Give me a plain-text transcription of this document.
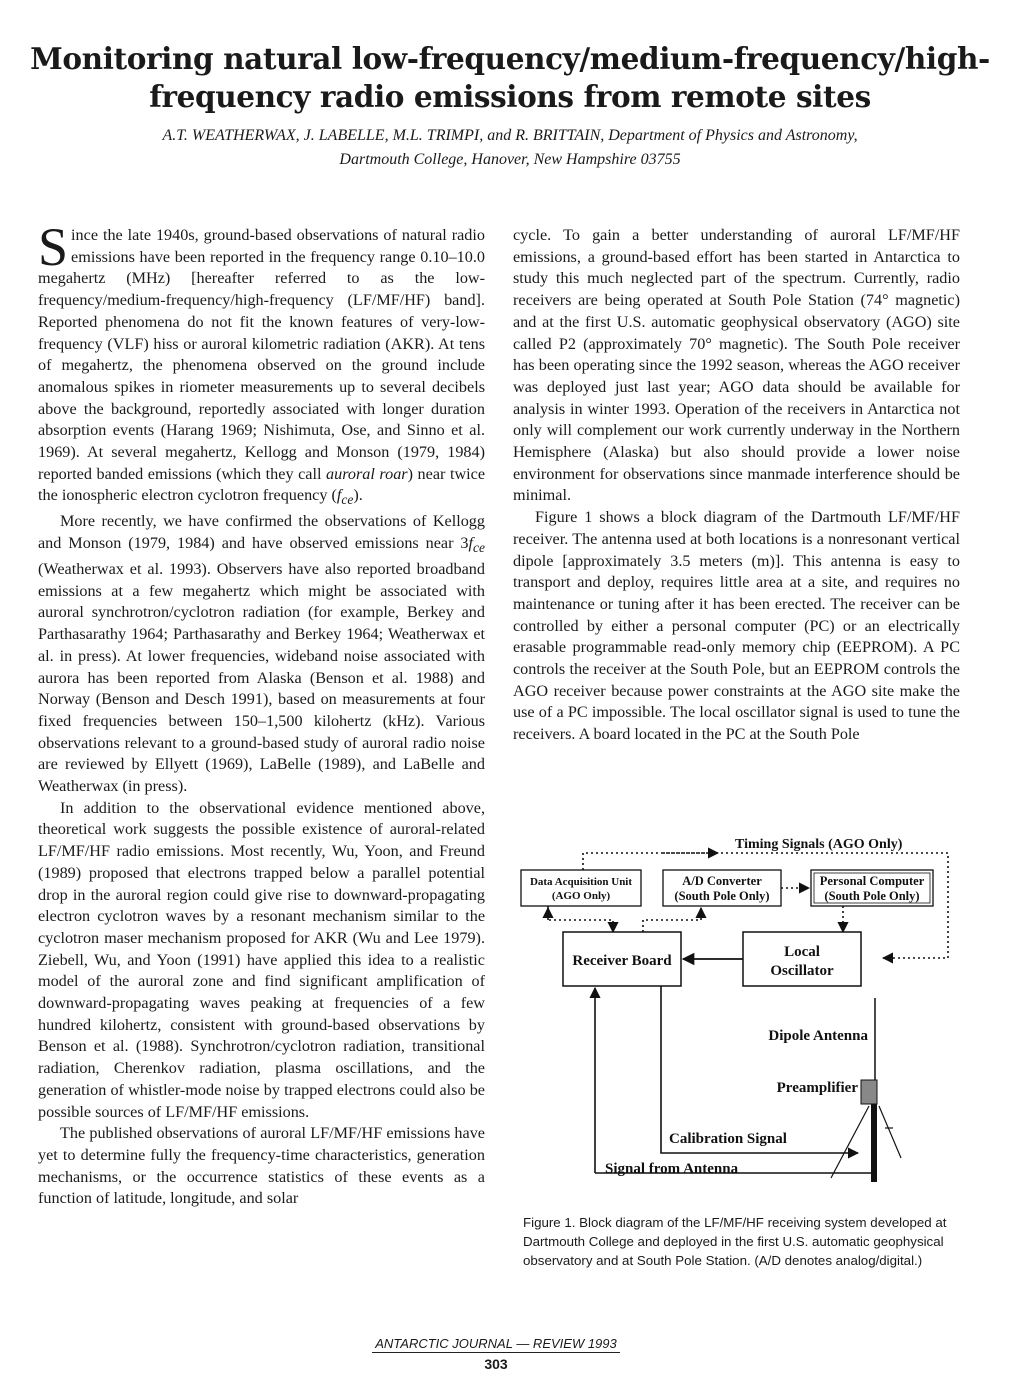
Monitoring natural low-frequency/medium-frequency/high-
frequency radio emissions from remote sites
A.T. WEATHERWAX, J. LABELLE, M.L. TRIMPI, and R. BRITTAIN, Department of Physics and Astronomy,
Dartmouth College, Hanover, New Hampshire 03755

Since the late 1940s, ground-based observations of natural radio emissions have been reported in the frequency range 0.10–10.0 megahertz (MHz) [hereafter referred to as the low-frequency/medium-frequency/high-frequency (LF/MF/HF) band]. Reported phenomena do not fit the known features of very-low-frequency (VLF) hiss or auroral kilometric radiation (AKR). At tens of megahertz, the phenomena observed on the ground include anomalous spikes in riometer measurements up to several decibels above the background, reportedly associated with longer duration absorption events (Harang 1969; Nishimuta, Ose, and Sinno et al. 1969). At several megahertz, Kellogg and Monson (1979, 1984) reported banded emissions (which they call auroral roar) near twice the ionospheric electron cyclotron frequency $(f_{ce})$.

More recently, we have confirmed the observations of Kellogg and Monson (1979, 1984) and have observed emissions near $3f_{ce}$ (Weatherwax et al. 1993). Observers have also reported broadband emissions at a few megahertz which might be associated with auroral synchrotron/cyclotron radiation (for example, Berkey and Parthasarathy 1964; Parthasarathy and Berkey 1964; Weatherwax et al. in press). At lower frequencies, wideband noise associated with aurora has been reported from Alaska (Benson et al. 1988) and Norway (Benson and Desch 1991), based on measurements at four fixed frequencies between 150–1,500 kilohertz (kHz). Various observations relevant to a ground-based study of auroral radio noise are reviewed by Ellyett (1969), LaBelle (1989), and LaBelle and Weatherwax (in press).

In addition to the observational evidence mentioned above, theoretical work suggests the possible existence of auroral-related LF/MF/HF radio emissions. Most recently, Wu, Yoon, and Freund (1989) proposed that electrons trapped below a parallel potential drop in the auroral region could give rise to downward-propagating electron cyclotron waves by a resonant mechanism similar to the cyclotron maser mechanism proposed for AKR (Wu and Lee 1979). Ziebell, Wu, and Yoon (1991) have applied this idea to a realistic model of the auroral zone and find significant amplification of downward-propagating waves peaking at frequencies of a few hundred kilohertz, consistent with ground-based observations by Benson et al. (1988). Synchrotron/cyclotron radiation, transitional radiation, Cherenkov radiation, plasma oscillations, and the generation of whistler-mode noise by trapped electrons could also be possible sources of LF/MF/HF emissions.

The published observations of auroral LF/MF/HF emissions have yet to determine fully the frequency-time characteristics, generation mechanisms, or the occurrence statistics of these events as a function of latitude, longitude, and solar

cycle. To gain a better understanding of auroral LF/MF/HF emissions, a ground-based effort has been started in Antarctica to study this much neglected part of the spectrum. Currently, radio receivers are being operated at South Pole Station (74° magnetic) and at the first U.S. automatic geophysical observatory (AGO) site called P2 (approximately 70° magnetic). The South Pole receiver has been operating since the 1992 season, whereas the AGO receiver was deployed just last year; AGO data should be available for analysis in winter 1993. Operation of the receivers in Antarctica not only will complement our work currently underway in the Northern Hemisphere (Alaska) but also should provide a lower noise environment for observations since manmade interference should be minimal.

Figure 1 shows a block diagram of the Dartmouth LF/MF/HF receiver. The antenna used at both locations is a nonresonant vertical dipole [approximately 3.5 meters (m)]. This antenna is easy to transport and deploy, requires little area at a site, and requires no maintenance or tuning after it has been erected. The receiver can be controlled by either a personal computer (PC) or an electrically erasable programmable read-only memory chip (EEPROM). A PC controls the receiver at the South Pole, but an EEPROM controls the AGO receiver because power constraints at the AGO site make the use of a PC impossible. The local oscillator signal is used to tune the receivers. A board located in the PC at the South Pole

Timing Signals (AGO Only)
Data Acquisition Unit
(AGO Only)
A/D Converter
(South Pole Only)
Personal Computer
(South Pole Only)
Receiver Board
Local
Oscillator
Calibration Signal
Signal from Antenna
Dipole Antenna
Preamplifier

Figure 1. Block diagram of the LF/MF/HF receiving system developed at Dartmouth College and deployed in the first U.S. automatic geophysical observatory and at South Pole Station. (A/D denotes analog/digital.)

ANTARCTIC JOURNAL — REVIEW 1993
303
